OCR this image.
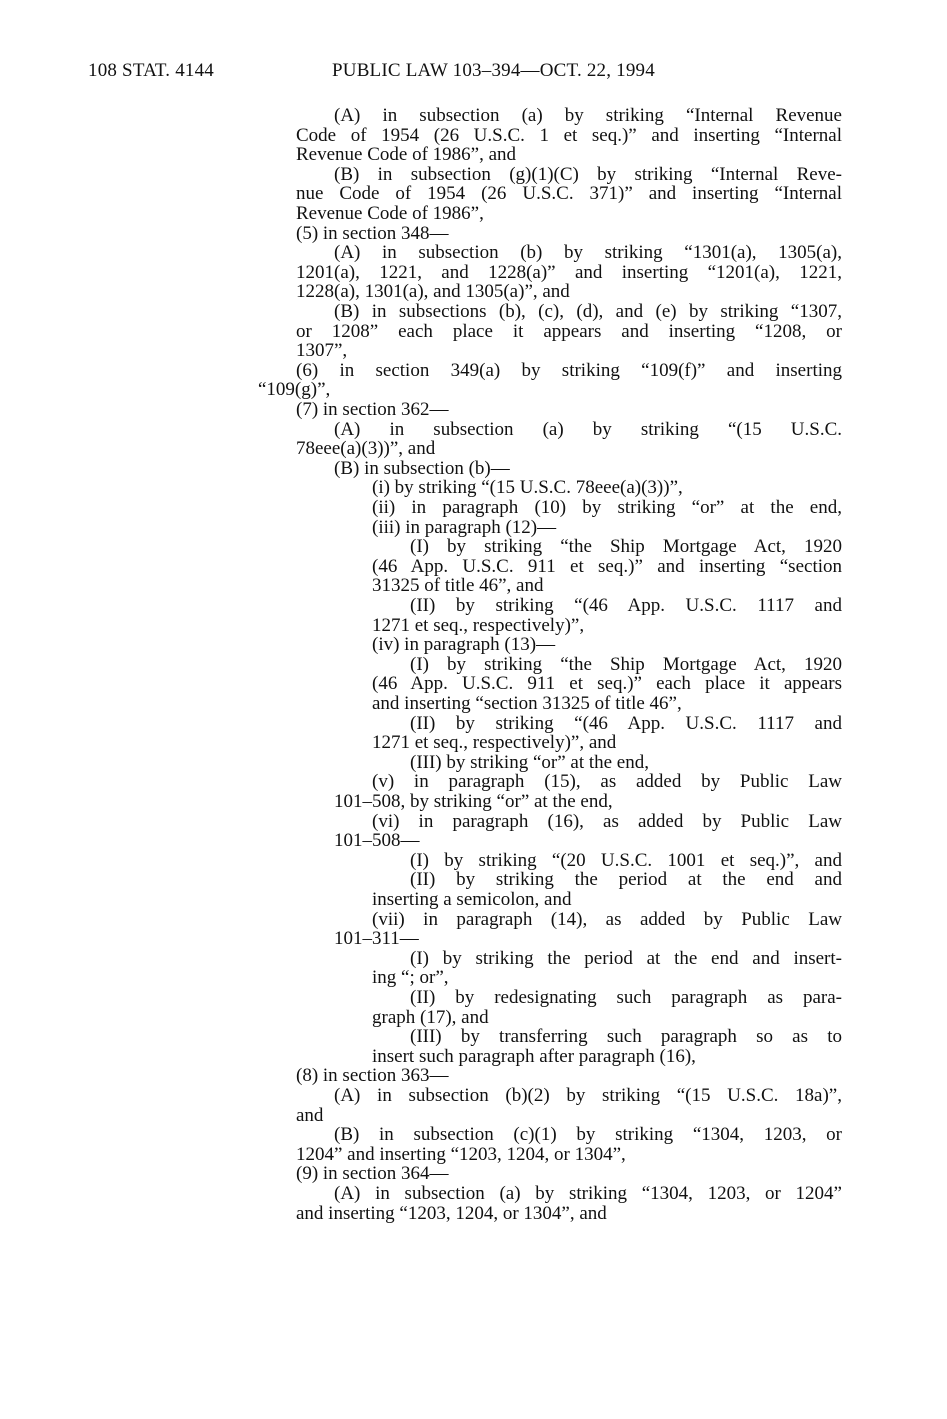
108 STAT. 4144	PUBLIC LAW 103–394—OCT. 22, 1994
(A) in subsection (a) by striking “Internal Revenue
Code of 1954 (26 U.S.C. 1 et seq.)” and inserting “Internal
Revenue Code of 1986”, and
(B) in subsection (g)(1)(C) by striking “Internal Reve-
nue Code of 1954 (26 U.S.C. 371)” and inserting “Internal
Revenue Code of 1986”,
(5) in section 348—
(A) in subsection (b) by striking “1301(a), 1305(a),
1201(a), 1221, and 1228(a)” and inserting “1201(a), 1221,
1228(a), 1301(a), and 1305(a)”, and
(B) in subsections (b), (c), (d), and (e) by striking “1307,
or 1208” each place it appears and inserting “1208, or
1307”,
(6) in section 349(a) by striking “109(f)” and inserting
“109(g)”,
(7) in section 362—
(A) in subsection (a) by striking “(15 U.S.C.
78eee(a)(3))”, and
(B) in subsection (b)—
(i) by striking “(15 U.S.C. 78eee(a)(3))”,
(ii) in paragraph (10) by striking “or” at the end,
(iii) in paragraph (12)—
(I) by striking “the Ship Mortgage Act, 1920
(46 App. U.S.C. 911 et seq.)” and inserting “section
31325 of title 46”, and
(II) by striking “(46 App. U.S.C. 1117 and
1271 et seq., respectively)”,
(iv) in paragraph (13)—
(I) by striking “the Ship Mortgage Act, 1920
(46 App. U.S.C. 911 et seq.)” each place it appears
and inserting “section 31325 of title 46”,
(II) by striking “(46 App. U.S.C. 1117 and
1271 et seq., respectively)”, and
(III) by striking “or” at the end,
(v) in paragraph (15), as added by Public Law
101–508, by striking “or” at the end,
(vi) in paragraph (16), as added by Public Law
101–508—
(I) by striking “(20 U.S.C. 1001 et seq.)”, and
(II) by striking the period at the end and
inserting a semicolon, and
(vii) in paragraph (14), as added by Public Law
101–311—
(I) by striking the period at the end and insert-
ing “; or”,
(II) by redesignating such paragraph as para-
graph (17), and
(III) by transferring such paragraph so as to
insert such paragraph after paragraph (16),
(8) in section 363—
(A) in subsection (b)(2) by striking “(15 U.S.C. 18a)”,
and
(B) in subsection (c)(1) by striking “1304, 1203, or
1204” and inserting “1203, 1204, or 1304”,
(9) in section 364—
(A) in subsection (a) by striking “1304, 1203, or 1204”
and inserting “1203, 1204, or 1304”, and
